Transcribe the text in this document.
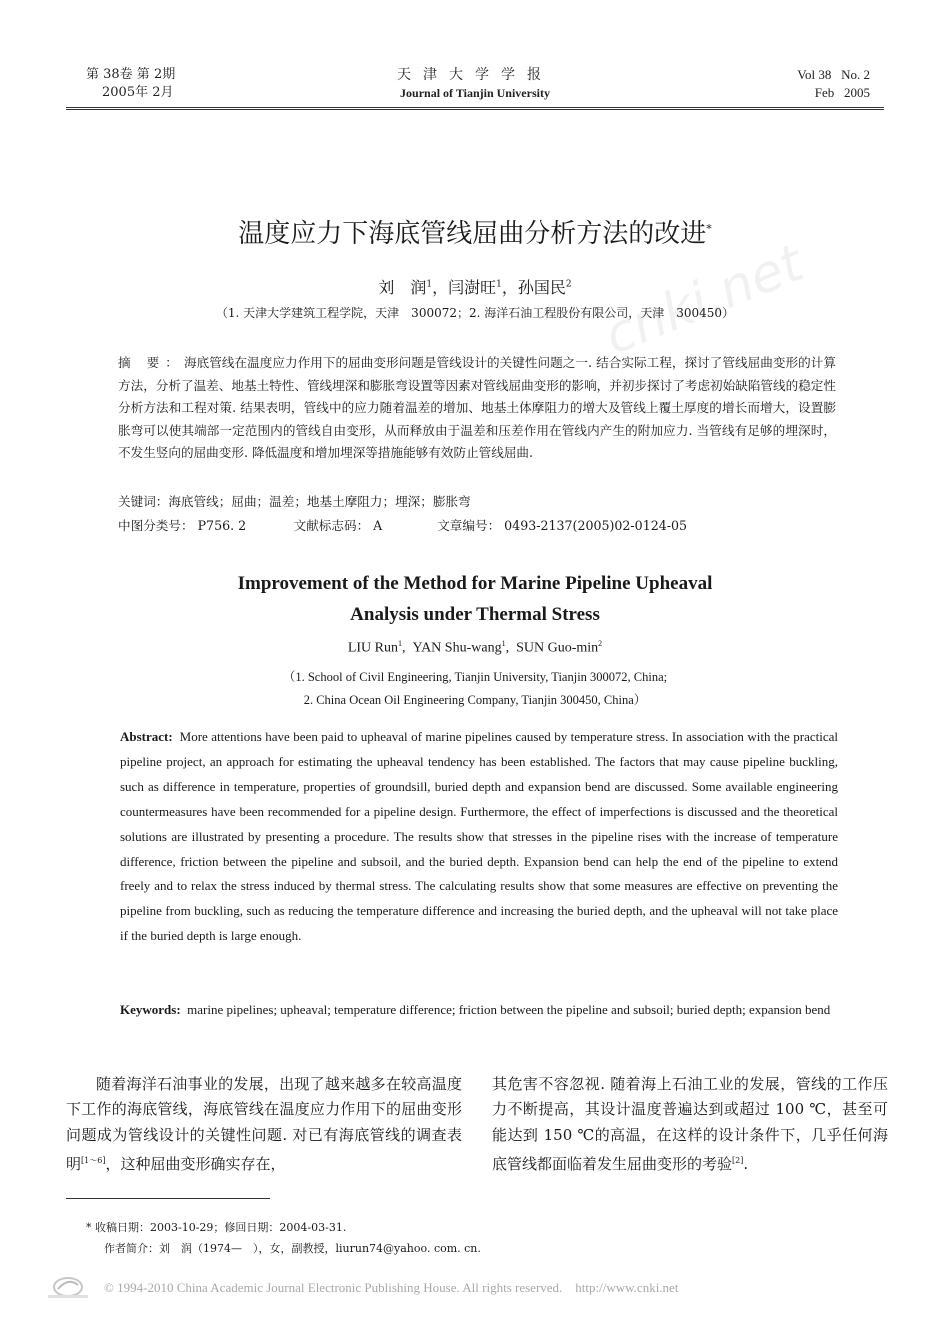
第 38卷 第 2期
2005年 2月
天津大学学报
Journal of Tianjin University
Vol 38   No. 2
Feb   2005
cnki.net
温度应力下海底管线屈曲分析方法的改进*
刘　润$^1$，闫澍旺$^1$，孙国民$^2$
（1. 天津大学建筑工程学院，天津　300072；2. 海洋石油工程股份有限公司，天津　300450）
摘 要：海底管线在温度应力作用下的屈曲变形问题是管线设计的关键性问题之一. 结合实际工程，探讨了管线屈曲变形的计算方法，分析了温差、地基土特性、管线埋深和膨胀弯设置等因素对管线屈曲变形的影响，并初步探讨了考虑初始缺陷管线的稳定性分析方法和工程对策. 结果表明，管线中的应力随着温差的增加、地基土体摩阻力的增大及管线上覆土厚度的增长而增大，设置膨胀弯可以使其端部一定范围内的管线自由变形，从而释放由于温差和压差作用在管线内产生的附加应力. 当管线有足够的埋深时，不发生竖向的屈曲变形. 降低温度和增加埋深等措施能够有效防止管线屈曲.
关键词：海底管线；屈曲；温差；地基土摩阻力；埋深；膨胀弯
中图分类号： P756. 2	文献标志码： A	文章编号： 0493-2137(2005)02-0124-05
Improvement of the Method for Marine Pipeline Upheaval
Analysis under Thermal Stress
LIU Run$^1$,  YAN Shu-wang$^1$,  SUN Guo-$\min^2$
（1. School of Civil Engineering, Tianjin University, Tianjin 300072, China;
2. China Ocean Oil Engineering Company, Tianjin 300450, China）
Abstract: More attentions have been paid to upheaval of marine pipelines caused by temperature stress. In association with the practical pipeline project, an approach for estimating the upheaval tendency has been established. The factors that may cause pipeline buckling, such as difference in temperature, properties of groundsill, buried depth and expansion bend are discussed. Some available engineering countermeasures have been recommended for a pipeline design. Furthermore, the effect of imperfections is discussed and the theoretical solutions are illustrated by presenting a procedure. The results show that stresses in the pipeline rises with the increase of temperature difference, friction between the pipeline and subsoil, and the buried depth. Expansion bend can help the end of the pipeline to extend freely and to relax the stress induced by thermal stress. The calculating results show that some measures are effective on preventing the pipeline from buckling, such as reducing the temperature difference and increasing the buried depth, and the upheaval will not take place if the buried depth is large enough.
Keywords: marine pipelines; upheaval; temperature difference; friction between the pipeline and subsoil; buried depth; expansion bend
随着海洋石油事业的发展，出现了越来越多在较高温度下工作的海底管线，海底管线在温度应力作用下的屈曲变形问题成为管线设计的关键性问题. 对已有海底管线的调查表明[1～6]，这种屈曲变形确实存在，
其危害不容忽视. 随着海上石油工业的发展，管线的工作压力不断提高，其设计温度普遍达到或超过 100 ℃，甚至可能达到 150 ℃的高温，在这样的设计条件下，几乎任何海底管线都面临着发生屈曲变形的考验[2].
* 收稿日期：2003-10-29；修回日期：2004-03-31.
作者简介：刘　润（1974—　），女，副教授，liurun74@yahoo. com. cn.
© 1994-2010 China Academic Journal Electronic Publishing House. All rights reserved.    http://www.cnki.net
